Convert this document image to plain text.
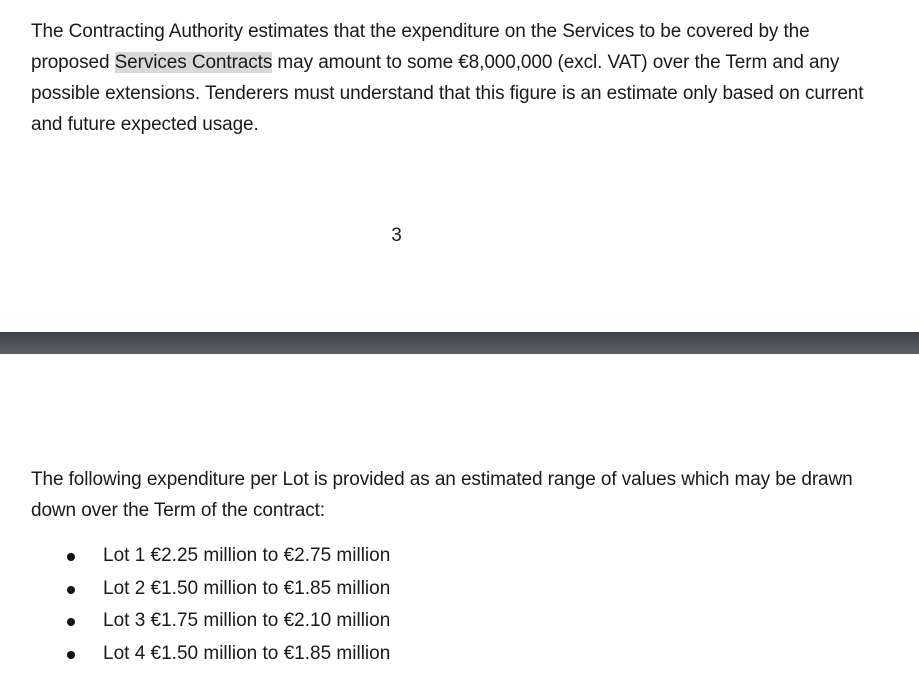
The Contracting Authority estimates that the expenditure on the Services to be covered by the proposed Services Contracts may amount to some €8,000,000 (excl. VAT) over the Term and any possible extensions. Tenderers must understand that this figure is an estimate only based on current and future expected usage.

3

The following expenditure per Lot is provided as an estimated range of values which may be drawn down over the Term of the contract:

Lot 1 €2.25 million to €2.75 million
Lot 2 €1.50 million to €1.85 million
Lot 3 €1.75 million to €2.10 million
Lot 4 €1.50 million to €1.85 million
